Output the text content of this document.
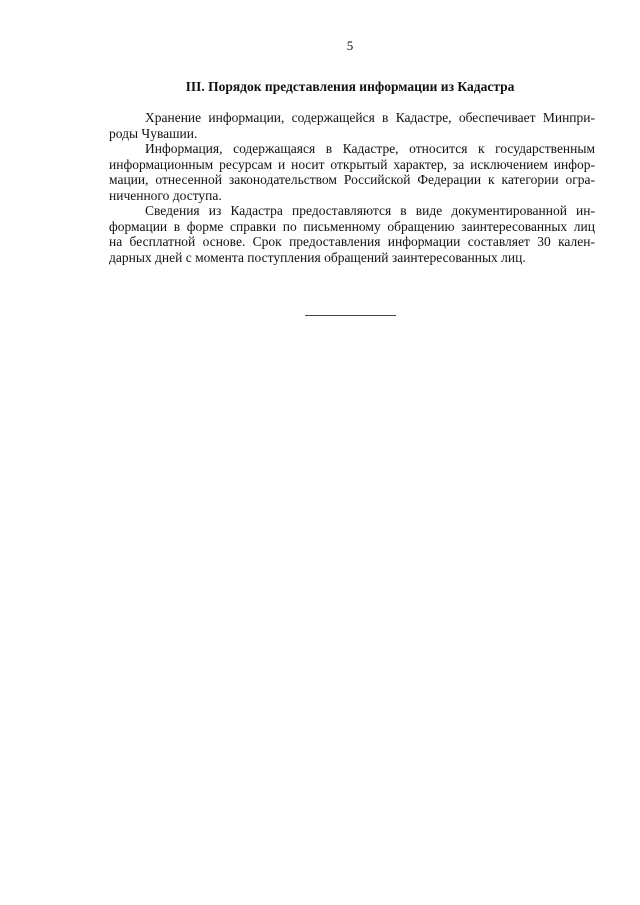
5
III. Порядок представления информации из Кадастра
Хранение информации, содержащейся в Кадастре, обеспечивает Минпри-
роды Чувашии.
Информация, содержащаяся в Кадастре, относится к государственным
информационным ресурсам и носит открытый характер, за исключением инфор-
мации, отнесенной законодательством Российской Федерации к категории огра-
ниченного доступа.
Сведения из Кадастра предоставляются в виде документированной ин-
формации в форме справки по письменному обращению заинтересованных лиц
на бесплатной основе. Срок предоставления информации составляет 30 кален-
дарных дней с момента поступления обращений заинтересованных лиц.
